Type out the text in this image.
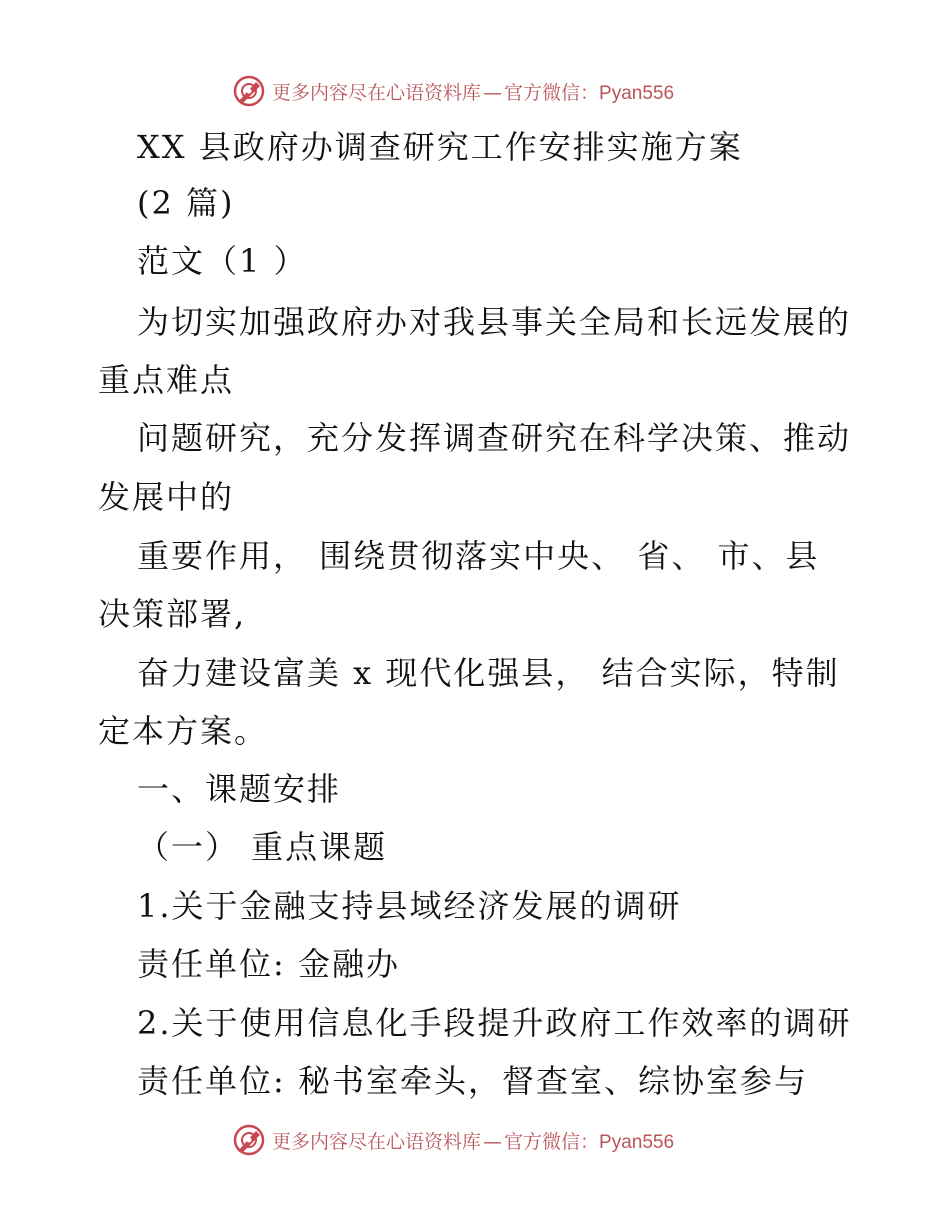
更多内容尽在心语资料库 — 官方微信：Pyan556
XX 县政府办调查研究工作安排实施方案
(2 篇)
范文（1 ）
为切实加强政府办对我县事关全局和长远发展的
重点难点
问题研究，充分发挥调查研究在科学决策、推动
发展中的
重要作用， 围绕贯彻落实中央、 省、 市、县
决策部署,
奋力建设富美 x 现代化强县， 结合实际，特制
定本方案。
一、课题安排
（一） 重点课题
1.关于金融支持县域经济发展的调研
责任单位: 金融办
2.关于使用信息化手段提升政府工作效率的调研
责任单位: 秘书室牵头，督查室、综协室参与
更多内容尽在心语资料库 — 官方微信：Pyan556
